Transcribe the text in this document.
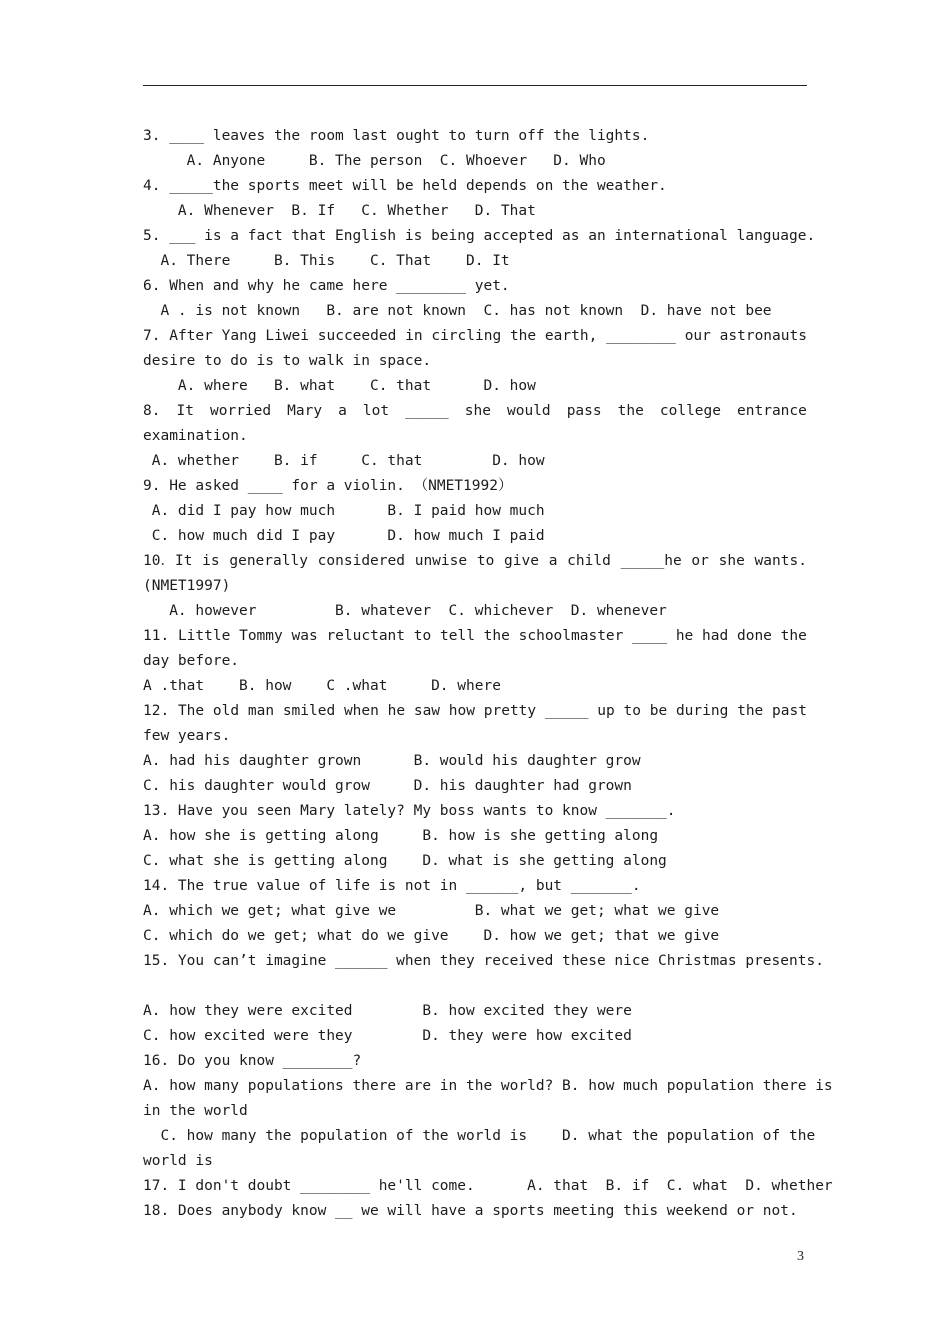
3. ____ leaves the room last ought to turn off the lights.
A. Anyone     B. The person  C. Whoever   D. Who
4. _____the sports meet will be held depends on the weather.
A. Whenever  B. If   C. Whether   D. That
5. ___ is a fact that English is being accepted as an international language.
A. There     B. This    C. That    D. It
6. When and why he came here ________ yet.
A . is not known   B. are not known  C. has not known  D. have not bee
7. After Yang Liwei succeeded in circling the earth, ________ our astronauts
desire to do is to walk in space.
A. where   B. what    C. that      D. how
8. It worried Mary a lot _____ she would pass the college entrance
examination.
A. whether    B. if     C. that        D. how
9. He asked ____ for a violin. （NMET1992）
A. did I pay how much      B. I paid how much
C. how much did I pay      D. how much I paid
10．It is generally considered unwise to give a child _____he or she wants.
(NMET1997)
A. however         B. whatever  C. whichever  D. whenever
11. Little Tommy was reluctant to tell the schoolmaster ____ he had done the
day before.
A .that    B. how    C .what     D. where
12. The old man smiled when he saw how pretty _____ up to be during the past
few years.
A. had his daughter grown      B. would his daughter grow
C. his daughter would grow     D. his daughter had grown
13. Have you seen Mary lately? My boss wants to know _______.
A. how she is getting along     B. how is she getting along
C. what she is getting along    D. what is she getting along
14. The true value of life is not in ______, but _______.
A. which we get; what give we         B. what we get; what we give
C. which do we get; what do we give    D. how we get; that we give
15. You can’t imagine ______ when they received these nice Christmas presents.
A. how they were excited        B. how excited they were
C. how excited were they        D. they were how excited
16. Do you know ________?
A. how many populations there are in the world? B. how much population there is
in the world
C. how many the population of the world is    D. what the population of the
world is
17. I don't doubt ________ he'll come.      A. that  B. if  C. what  D. whether
18. Does anybody know __ we will have a sports meeting this weekend or not.
3
